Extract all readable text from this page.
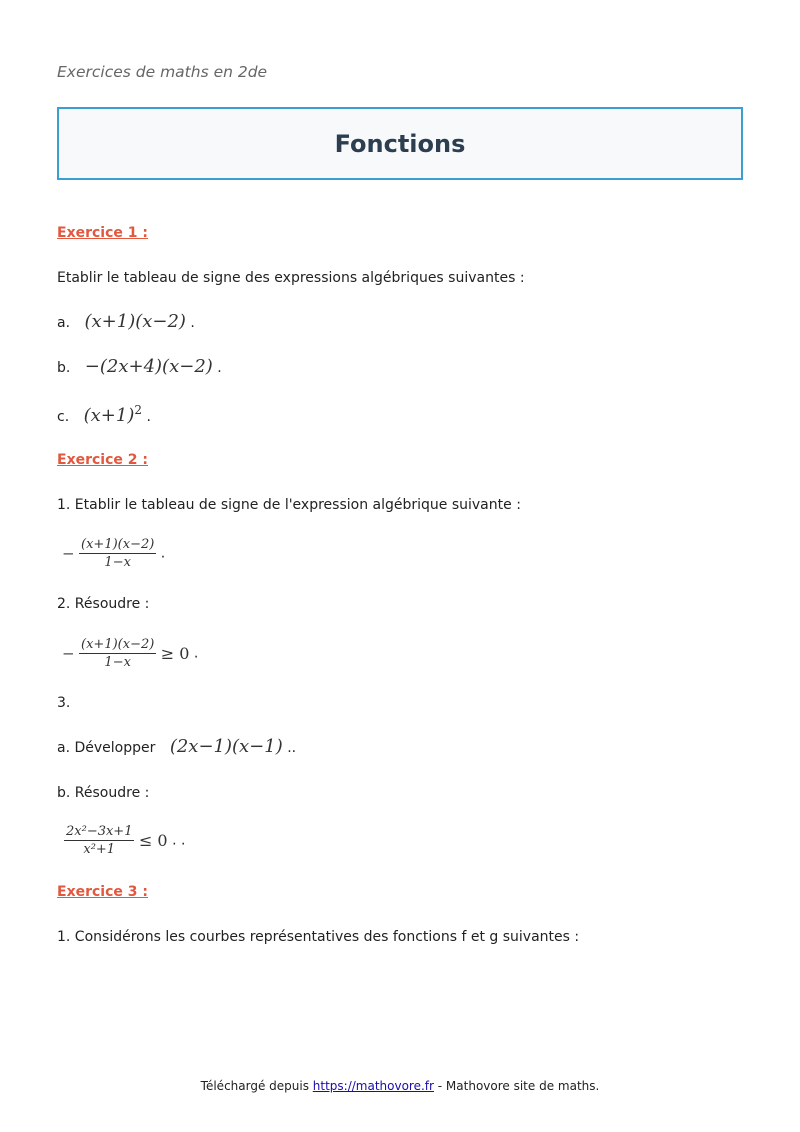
Exercices de maths en 2de
Fonctions
Exercice 1 :
Etablir le tableau de signe des expressions algébriques suivantes :
a. (x+1)(x−2) .
b. −(2x+4)(x−2) .
c. $(x+1)^2$ .
Exercice 2 :
1. Etablir le tableau de signe de l'expression algébrique suivante :
− $\frac{(x+1)(x-2)}{1-x}$ .
2. Résoudre :
− $\frac{(x+1)(x-2)}{1-x} \ge 0$ .
3.
a. Développer (2x−1)(x−1) ..
b. Résoudre :
$\frac{\text{2x²−3x+1}}{\text{x²+1}} \le 0$ . .
Exercice 3 :
1. Considérons les courbes représentatives des fonctions f et g suivantes :
Téléchargé depuis https://mathovore.fr - Mathovore site de maths.
